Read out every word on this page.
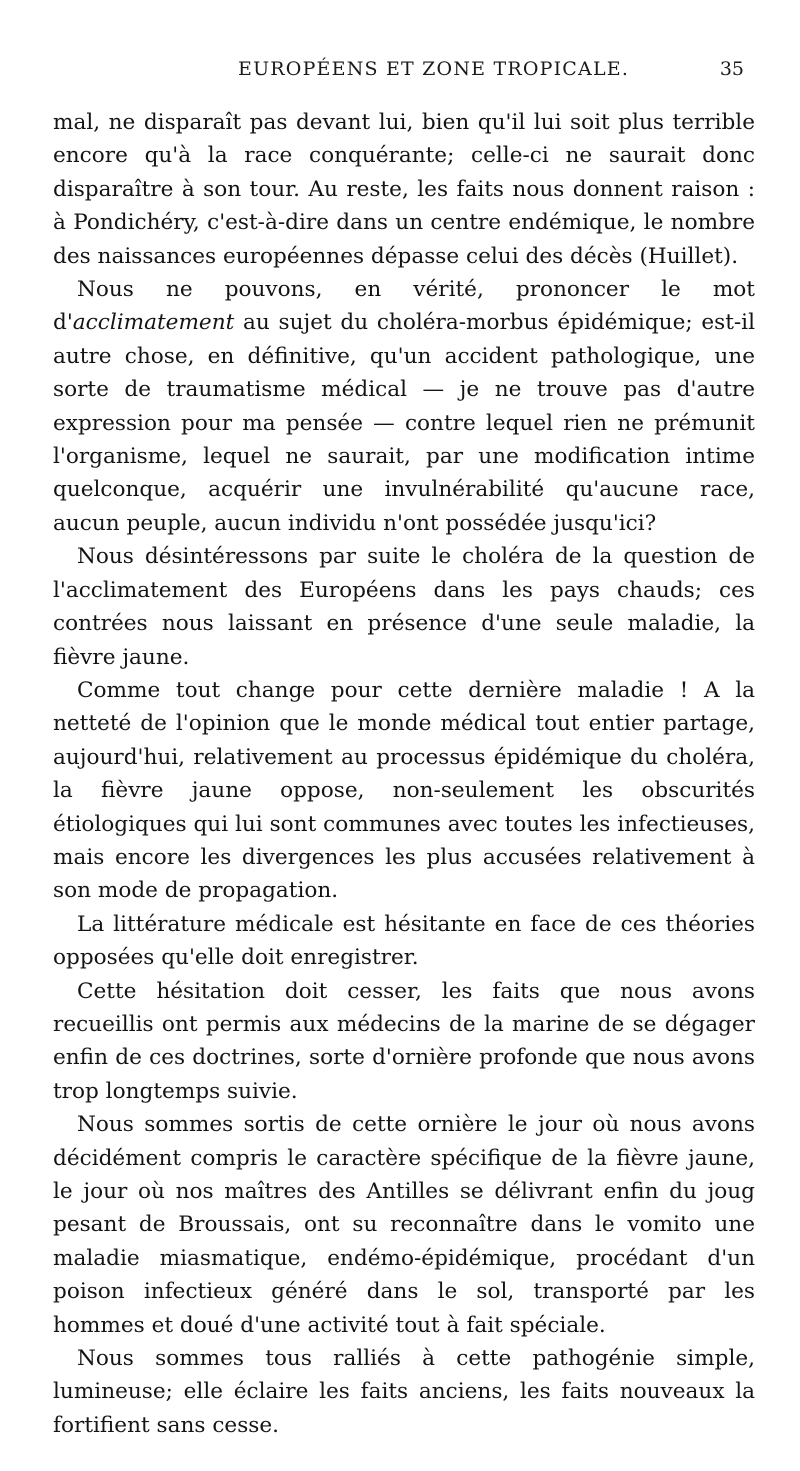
EUROPÉENS ET ZONE TROPICALE.	35

mal, ne disparaît pas devant lui, bien qu'il lui soit plus terrible encore qu'à la race conquérante; celle-ci ne saurait donc disparaître à son tour. Au reste, les faits nous donnent raison : à Pondichéry, c'est-à-dire dans un centre endémique, le nombre des naissances européennes dépasse celui des décès (Huillet).

Nous ne pouvons, en vérité, prononcer le mot d'acclimatement au sujet du choléra-morbus épidémique; est-il autre chose, en définitive, qu'un accident pathologique, une sorte de traumatisme médical — je ne trouve pas d'autre expression pour ma pensée — contre lequel rien ne prémunit l'organisme, lequel ne saurait, par une modification intime quelconque, acquérir une invulnérabilité qu'aucune race, aucun peuple, aucun individu n'ont possédée jusqu'ici?

Nous désintéressons par suite le choléra de la question de l'acclimatement des Européens dans les pays chauds; ces contrées nous laissant en présence d'une seule maladie, la fièvre jaune.

Comme tout change pour cette dernière maladie ! A la netteté de l'opinion que le monde médical tout entier partage, aujourd'hui, relativement au processus épidémique du choléra, la fièvre jaune oppose, non-seulement les obscurités étiologiques qui lui sont communes avec toutes les infectieuses, mais encore les divergences les plus accusées relativement à son mode de propagation.

La littérature médicale est hésitante en face de ces théories opposées qu'elle doit enregistrer.

Cette hésitation doit cesser, les faits que nous avons recueillis ont permis aux médecins de la marine de se dégager enfin de ces doctrines, sorte d'ornière profonde que nous avons trop longtemps suivie.

Nous sommes sortis de cette ornière le jour où nous avons décidément compris le caractère spécifique de la fièvre jaune, le jour où nos maîtres des Antilles se délivrant enfin du joug pesant de Broussais, ont su reconnaître dans le vomito une maladie miasmatique, endémo-épidémique, procédant d'un poison infectieux généré dans le sol, transporté par les hommes et doué d'une activité tout à fait spéciale.

Nous sommes tous ralliés à cette pathogénie simple, lumineuse; elle éclaire les faits anciens, les faits nouveaux la fortifient sans cesse.
